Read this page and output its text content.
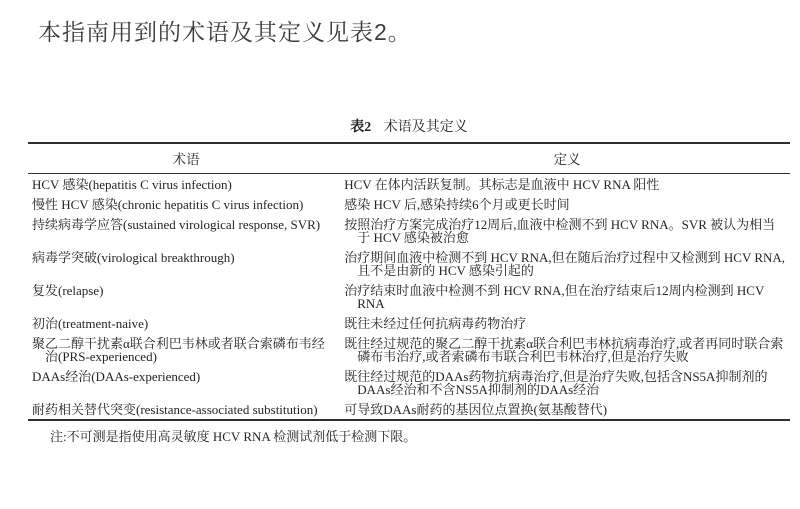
本指南用到的术语及其定义见表2。
表2 术语及其定义
术语	定义
HCV 感染(hepatitis C virus infection)	HCV 在体内活跃复制。其标志是血液中 HCV RNA 阳性
慢性 HCV 感染(chronic hepatitis C virus infection)	感染 HCV 后,感染持续6个月或更长时间
持续病毒学应答(sustained virological response, SVR)	按照治疗方案完成治疗12周后,血液中检测不到 HCV RNA。SVR 被认为相当于 HCV 感染被治愈
病毒学突破(virological breakthrough)	治疗期间血液中检测不到 HCV RNA,但在随后治疗过程中又检测到 HCV RNA,且不是由新的 HCV 感染引起的
复发(relapse)	治疗结束时血液中检测不到 HCV RNA,但在治疗结束后12周内检测到 HCV RNA
初治(treatment-naive)	既往未经过任何抗病毒药物治疗
聚乙二醇干扰素α联合利巴韦林或者联合索磷布韦经治(PRS-experienced)	既往经过规范的聚乙二醇干扰素α联合利巴韦林抗病毒治疗,或者再同时联合索磷布韦治疗,或者索磷布韦联合利巴韦林治疗,但是治疗失败
DAAs经治(DAAs-experienced)	既往经过规范的DAAs药物抗病毒治疗,但是治疗失败,包括含NS5A抑制剂的DAAs经治和不含NS5A抑制剂的DAAs经治
耐药相关替代突变(resistance-associated substitution)	可导致DAAs耐药的基因位点置换(氨基酸替代)
注:不可测是指使用高灵敏度 HCV RNA 检测试剂低于检测下限。
